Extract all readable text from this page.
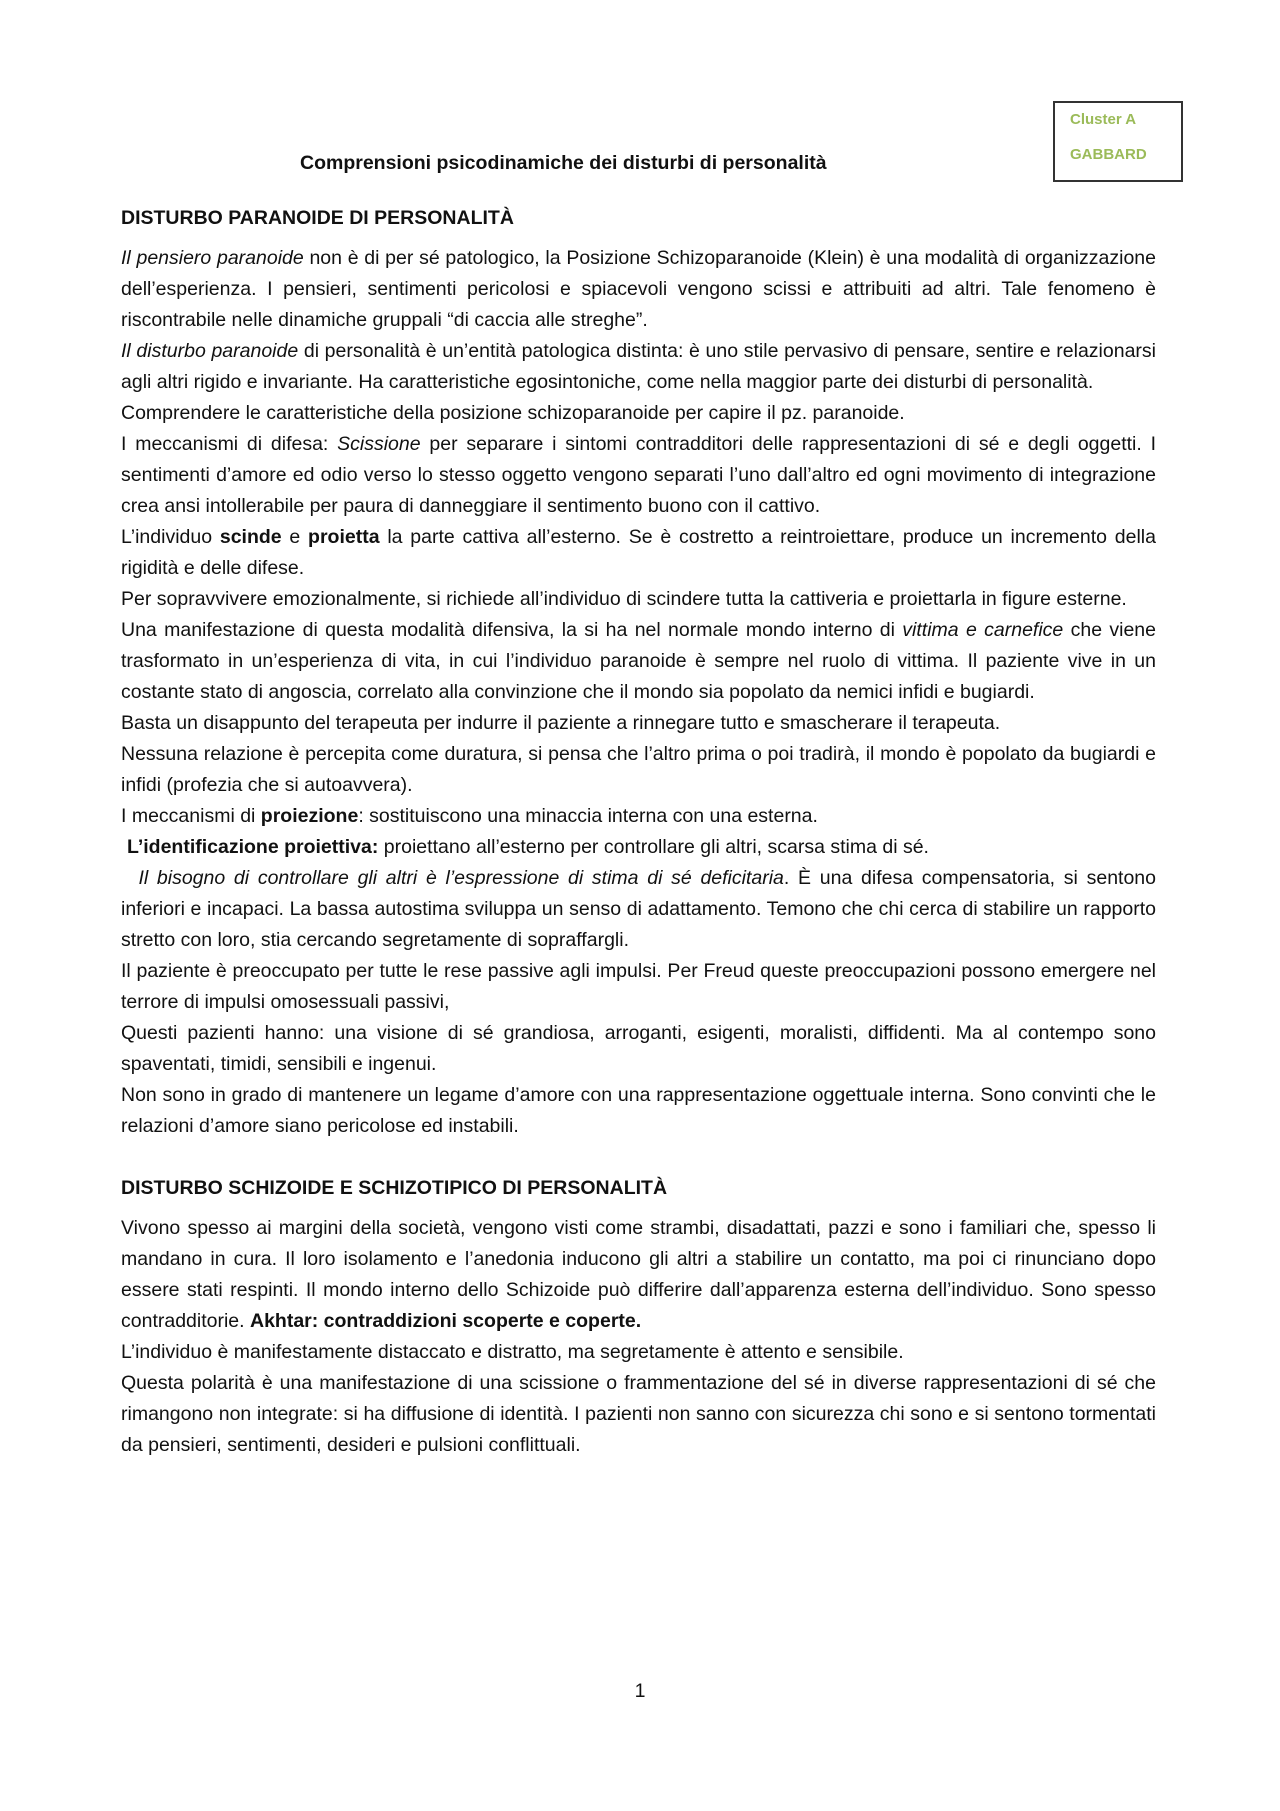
Cluster A
GABBARD
Comprensioni psicodinamiche dei disturbi di personalità
DISTURBO PARANOIDE DI PERSONALITÀ

Il pensiero paranoide non è di per sé patologico, la Posizione Schizoparanoide (Klein) è una modalità di organizzazione dell’esperienza. I pensieri, sentimenti pericolosi e spiacevoli vengono scissi e attribuiti ad altri. Tale fenomeno è riscontrabile nelle dinamiche gruppali “di caccia alle streghe”.

Il disturbo paranoide di personalità è un’entità patologica distinta: è uno stile pervasivo di pensare, sentire e relazionarsi agli altri rigido e invariante. Ha caratteristiche egosintoniche, come nella maggior parte dei disturbi di personalità.

Comprendere le caratteristiche della posizione schizoparanoide per capire il pz. paranoide.

I meccanismi di difesa: Scissione per separare i sintomi contradditori delle rappresentazioni di sé e degli oggetti. I sentimenti d’amore ed odio verso lo stesso oggetto vengono separati l’uno dall’altro ed ogni movimento di integrazione crea ansi intollerabile per paura di danneggiare il sentimento buono con il cattivo.

L’individuo scinde e proietta la parte cattiva all’esterno. Se è costretto a reintroiettare, produce un incremento della rigidità e delle difese.

Per sopravvivere emozionalmente, si richiede all’individuo di scindere tutta la cattiveria e proiettarla in figure esterne.

Una manifestazione di questa modalità difensiva, la si ha nel normale mondo interno di vittima e carnefice che viene trasformato in un’esperienza di vita, in cui l’individuo paranoide è sempre nel ruolo di vittima. Il paziente vive in un costante stato di angoscia, correlato alla convinzione che il mondo sia popolato da nemici infidi e bugiardi.

Basta un disappunto del terapeuta per indurre il paziente a rinnegare tutto e smascherare il terapeuta.

Nessuna relazione è percepita come duratura, si pensa che l’altro prima o poi tradirà, il mondo è popolato da bugiardi e infidi (profezia che si autoavvera).

I meccanismi di proiezione: sostituiscono una minaccia interna con una esterna.

L’identificazione proiettiva: proiettano all’esterno per controllare gli altri, scarsa stima di sé.

Il bisogno di controllare gli altri è l’espressione di stima di sé deficitaria. È una difesa compensatoria, si sentono inferiori e incapaci. La bassa autostima sviluppa un senso di adattamento. Temono che chi cerca di stabilire un rapporto stretto con loro, stia cercando segretamente di sopraffargli.

Il paziente è preoccupato per tutte le rese passive agli impulsi. Per Freud queste preoccupazioni possono emergere nel terrore di impulsi omosessuali passivi,

Questi pazienti hanno: una visione di sé grandiosa, arroganti, esigenti, moralisti, diffidenti. Ma al contempo sono spaventati, timidi, sensibili e ingenui.

Non sono in grado di mantenere un legame d’amore con una rappresentazione oggettuale interna. Sono convinti che le relazioni d’amore siano pericolose ed instabili.

DISTURBO SCHIZOIDE E SCHIZOTIPICO DI PERSONALITÀ

Vivono spesso ai margini della società, vengono visti come strambi, disadattati, pazzi e sono i familiari che, spesso li mandano in cura. Il loro isolamento e l’anedonia inducono gli altri a stabilire un contatto, ma poi ci rinunciano dopo essere stati respinti. Il mondo interno dello Schizoide può differire dall’apparenza esterna dell’individuo. Sono spesso contradditorie. Akhtar: contraddizioni scoperte e coperte.

L’individuo è manifestamente distaccato e distratto, ma segretamente è attento e sensibile.

Questa polarità è una manifestazione di una scissione o frammentazione del sé in diverse rappresentazioni di sé che rimangono non integrate: si ha diffusione di identità. I pazienti non sanno con sicurezza chi sono e si sentono tormentati da pensieri, sentimenti, desideri e pulsioni conflittuali.

1
